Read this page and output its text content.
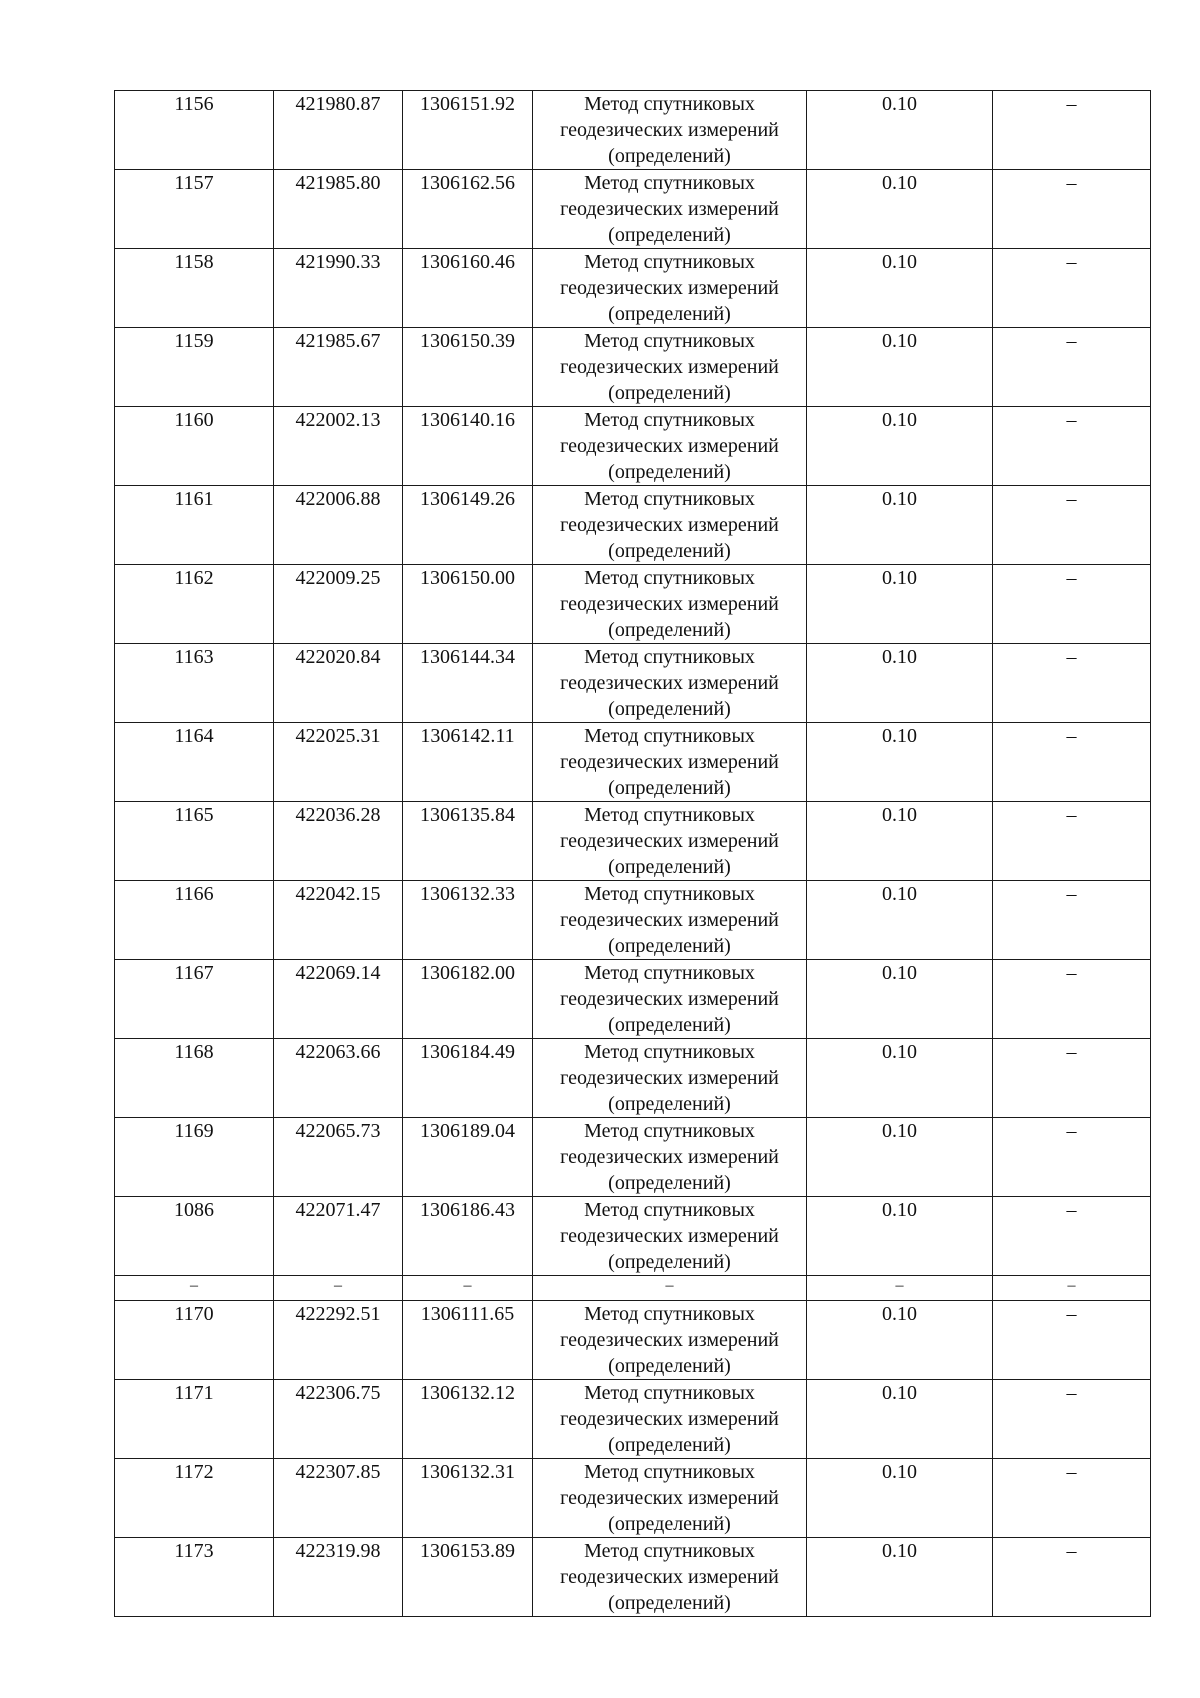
1156	421980.87	1306151.92	Метод спутниковых геодезических измерений (определений)	0.10	–
1157	421985.80	1306162.56	Метод спутниковых геодезических измерений (определений)	0.10	–
1158	421990.33	1306160.46	Метод спутниковых геодезических измерений (определений)	0.10	–
1159	421985.67	1306150.39	Метод спутниковых геодезических измерений (определений)	0.10	–
1160	422002.13	1306140.16	Метод спутниковых геодезических измерений (определений)	0.10	–
1161	422006.88	1306149.26	Метод спутниковых геодезических измерений (определений)	0.10	–
1162	422009.25	1306150.00	Метод спутниковых геодезических измерений (определений)	0.10	–
1163	422020.84	1306144.34	Метод спутниковых геодезических измерений (определений)	0.10	–
1164	422025.31	1306142.11	Метод спутниковых геодезических измерений (определений)	0.10	–
1165	422036.28	1306135.84	Метод спутниковых геодезических измерений (определений)	0.10	–
1166	422042.15	1306132.33	Метод спутниковых геодезических измерений (определений)	0.10	–
1167	422069.14	1306182.00	Метод спутниковых геодезических измерений (определений)	0.10	–
1168	422063.66	1306184.49	Метод спутниковых геодезических измерений (определений)	0.10	–
1169	422065.73	1306189.04	Метод спутниковых геодезических измерений (определений)	0.10	–
1086	422071.47	1306186.43	Метод спутниковых геодезических измерений (определений)	0.10	–
–	–	–	–	–	–
1170	422292.51	1306111.65	Метод спутниковых геодезических измерений (определений)	0.10	–
1171	422306.75	1306132.12	Метод спутниковых геодезических измерений (определений)	0.10	–
1172	422307.85	1306132.31	Метод спутниковых геодезических измерений (определений)	0.10	–
1173	422319.98	1306153.89	Метод спутниковых геодезических измерений (определений)	0.10	–
